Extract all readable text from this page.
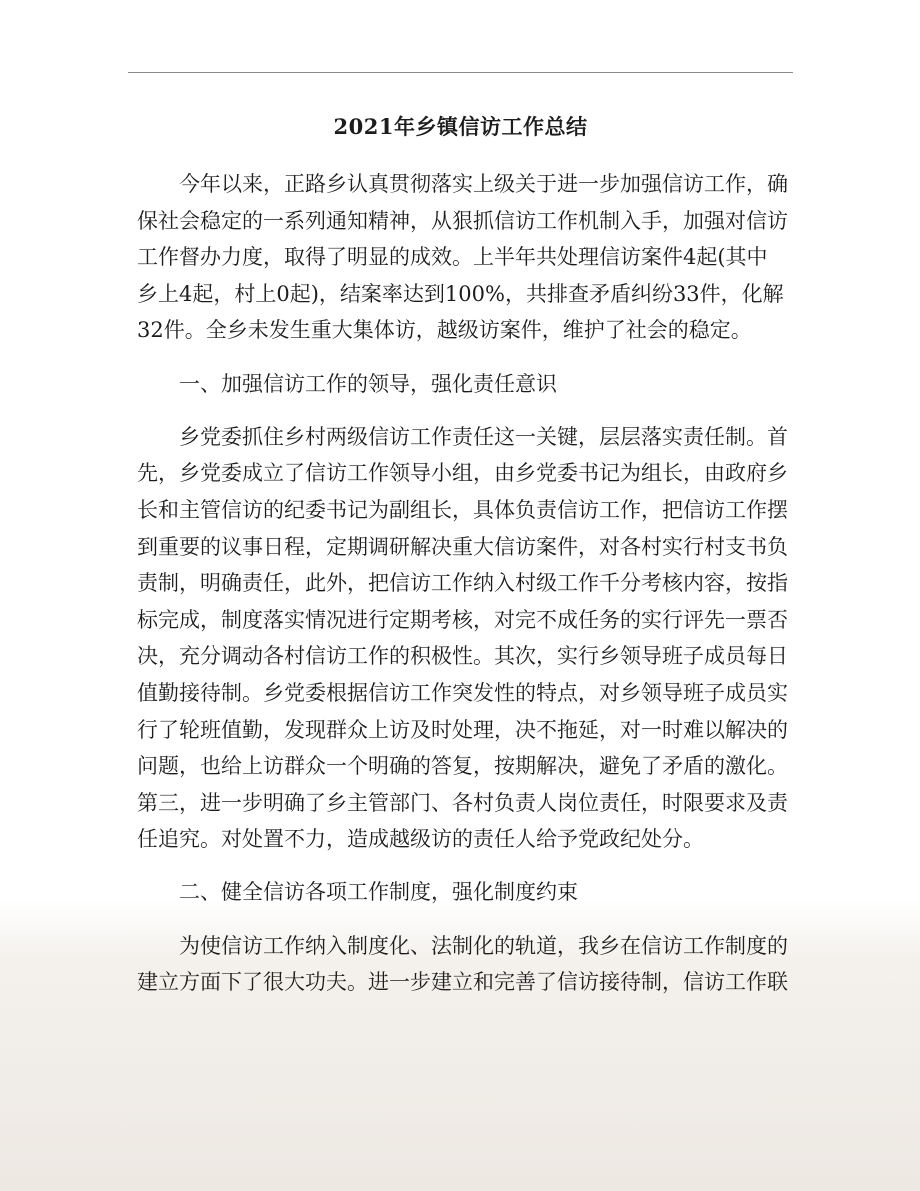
2021年乡镇信访工作总结
今年以来，正路乡认真贯彻落实上级关于进一步加强信访工作，确
保社会稳定的一系列通知精神，从狠抓信访工作机制入手，加强对信访
工作督办力度，取得了明显的成效。上半年共处理信访案件4起(其中
乡上4起，村上0起)，结案率达到100%，共排查矛盾纠纷33件，化解
32件。全乡未发生重大集体访，越级访案件，维护了社会的稳定。
一、加强信访工作的领导，强化责任意识
乡党委抓住乡村两级信访工作责任这一关键，层层落实责任制。首
先，乡党委成立了信访工作领导小组，由乡党委书记为组长，由政府乡
长和主管信访的纪委书记为副组长，具体负责信访工作，把信访工作摆
到重要的议事日程，定期调研解决重大信访案件，对各村实行村支书负
责制，明确责任，此外，把信访工作纳入村级工作千分考核内容，按指
标完成，制度落实情况进行定期考核，对完不成任务的实行评先一票否
决，充分调动各村信访工作的积极性。其次，实行乡领导班子成员每日
值勤接待制。乡党委根据信访工作突发性的特点，对乡领导班子成员实
行了轮班值勤，发现群众上访及时处理，决不拖延，对一时难以解决的
问题，也给上访群众一个明确的答复，按期解决，避免了矛盾的激化。
第三，进一步明确了乡主管部门、各村负责人岗位责任，时限要求及责
任追究。对处置不力，造成越级访的责任人给予党政纪处分。
二、健全信访各项工作制度，强化制度约束
为使信访工作纳入制度化、法制化的轨道，我乡在信访工作制度的
建立方面下了很大功夫。进一步建立和完善了信访接待制，信访工作联
